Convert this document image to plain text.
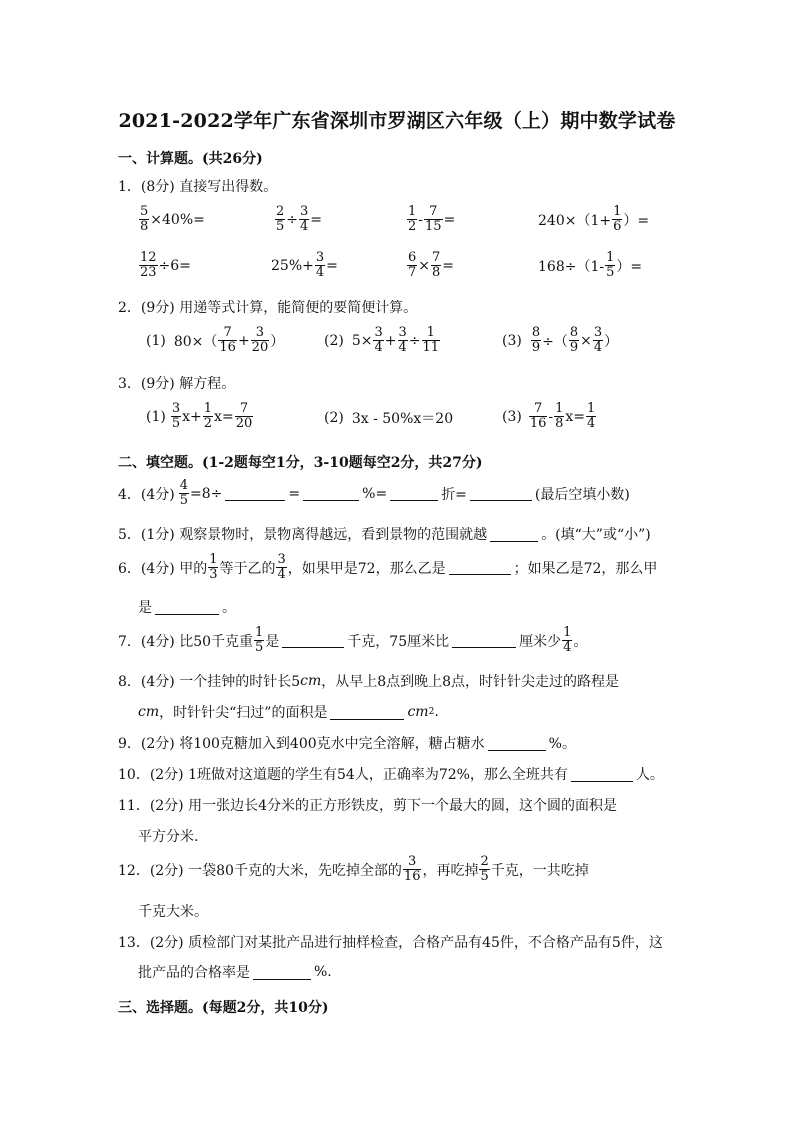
2021-2022学年广东省深圳市罗湖区六年级（上）期中数学试卷
一、计算题。(共26分)
1．(8分) 直接写出得数。
$\frac{5}{8} \times 40\%=$	$\frac{2}{5} \div \frac{3}{4}$ =	$\frac{1}{2} - \frac{7}{15}$ =	$240\times(1+ \frac{1}{6}$ ）=
$\frac{12}{23} \div 6=$	$25\%+ \frac{3}{4}$ =	$\frac{6}{7} \times \frac{7}{8}$ =	$168\div(1- \frac{1}{5}$ ）=
2．(9分) 用递等式计算，能简便的要简便计算。
(1) $80\times( \frac{7}{16} + \frac{3}{20}$ ）	(2) $5\times \frac{3}{4} + \frac{3}{4} \div \frac{1}{11}$	$(3) \frac{8}{9}$ ÷（ $\frac{8}{9} \times \frac{3}{4}$ ）
3．(9分) 解方程。
$(1) \frac{3}{5} x+ \frac{1}{2} x= \frac{7}{20}$	(2) 3x - 50%x＝20	$(3) \frac{7}{16} - \frac{1}{8} x= \frac{1}{4}$
二、填空题。(1-2题每空1分，3-10题每空2分，共27分)
4．(4分) $\frac{4}{5} =8\div$	=	%=	折=	(最后空填小数)
5．(1分) 观察景物时，景物离得越远，看到景物的范围就越	。(填“大”或“小”)
6．(4分) 甲的 $\frac{1}{3}$ 等于乙的 $\frac{3}{4}$ ，如果甲是72，那么乙是	；如果乙是72，那么甲
是	。
7．(4分) 比50千克重 $\frac{1}{5}$ 是	千克，75厘米比	厘米少 $\frac{1}{4}$ 。
8．(4分) 一个挂钟的时针长5 cm ，从早上8点到晚上8点，时针针尖走过的路程是
cm ，时针针尖“扫过”的面积是	cm 2 .
9．(2分) 将100克糖加入到400克水中完全溶解，糖占糖水	%。
10．(2分) 1班做对这道题的学生有54人，正确率为72%，那么全班共有	人。
11．(2分) 用一张边长4分米的正方形铁皮，剪下一个最大的圆，这个圆的面积是
平方分米.
12．(2分) 一袋80千克的大米，先吃掉全部的 $\frac{3}{16}$ ，再吃掉 $\frac{2}{5}$ 千克，一共吃掉
千克大米。
13．(2分) 质检部门对某批产品进行抽样检查，合格产品有45件，不合格产品有5件，这
批产品的合格率是	%.
三、选择题。(每题2分，共10分)
